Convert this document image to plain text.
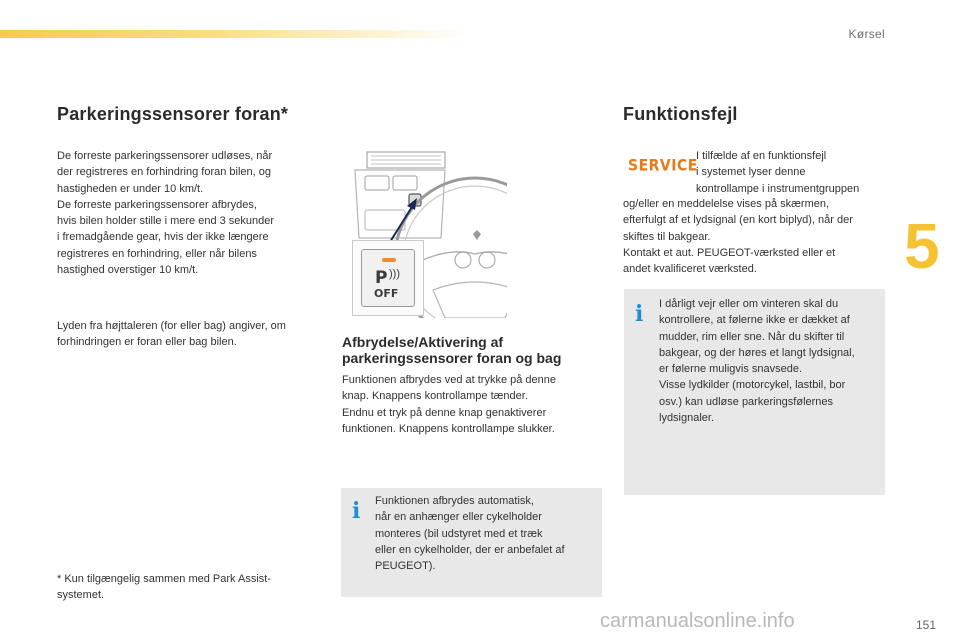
Kørsel
5
Parkeringssensorer foran*
De forreste parkeringssensorer udløses, når
der registreres en forhindring foran bilen, og
hastigheden er under 10 km/t.
De forreste parkeringssensorer afbrydes,
hvis bilen holder stille i mere end 3 sekunder
i fremadgående gear, hvis der ikke længere
registreres en forhindring, eller når bilens
hastighed overstiger 10 km/t.
Lyden fra højttaleren (for eller bag) angiver, om
forhindringen er foran eller bag bilen.
* Kun tilgængelig sammen med Park Assist-
systemet.
P )))
OFF
Afbrydelse/Aktivering af
parkeringssensorer foran og bag
Funktionen afbrydes ved at trykke på denne
knap. Knappens kontrollampe tænder.
Endnu et tryk på denne knap genaktiverer
funktionen. Knappens kontrollampe slukker.
i Funktionen afbrydes automatisk,
når en anhænger eller cykelholder
monteres (bil udstyret med et træk
eller en cykelholder, der er anbefalet af
PEUGEOT).
Funktionsfejl
SERVICE
I tilfælde af en funktionsfejl
i systemet lyser denne
kontrollampe i instrumentgruppen
og/eller en meddelelse vises på skærmen,
efterfulgt af et lydsignal (en kort biplyd), når der
skiftes til bakgear.
Kontakt et aut. PEUGEOT-værksted eller et
andet kvalificeret værksted.
i I dårligt vejr eller om vinteren skal du
kontrollere, at følerne ikke er dækket af
mudder, rim eller sne. Når du skifter til
bakgear, og der høres et langt lydsignal,
er følerne muligvis snavsede.
Visse lydkilder (motorcykel, lastbil, bor
osv.) kan udløse parkeringsfølernes
lydsignaler.
151
carmanualsonline.info
